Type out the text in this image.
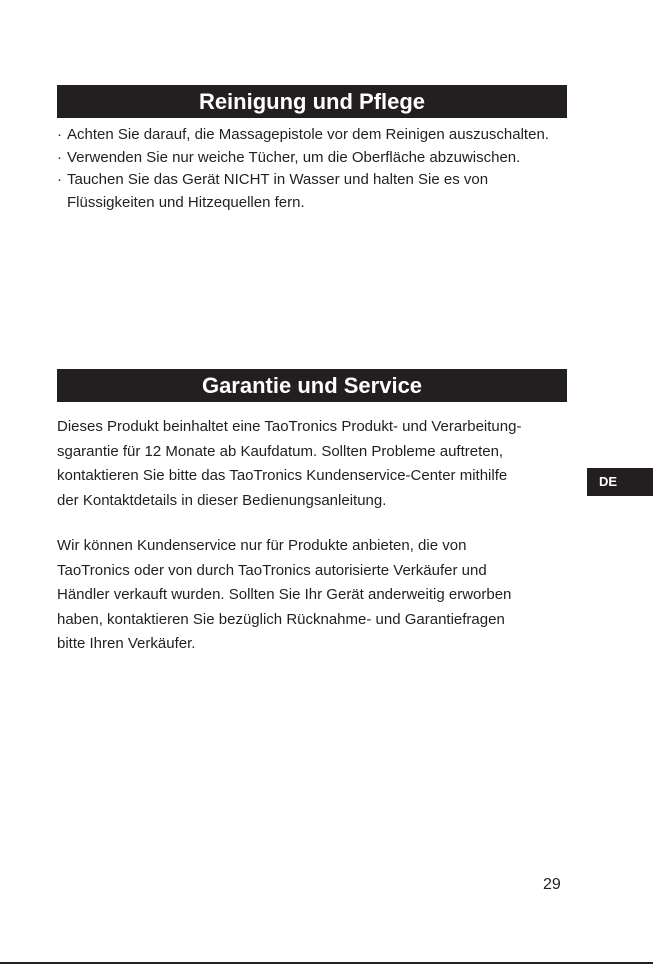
Reinigung und Pflege
· Achten Sie darauf, die Massagepistole vor dem Reinigen auszuschalten.
· Verwenden Sie nur weiche Tücher, um die Oberfläche abzuwischen.
· Tauchen Sie das Gerät NICHT in Wasser und halten Sie es von
Flüssigkeiten und Hitzequellen fern.
Garantie und Service

Dieses Produkt beinhaltet eine TaoTronics Produkt- und Verarbeitung-
sgarantie für 12 Monate ab Kaufdatum. Sollten Probleme auftreten,
kontaktieren Sie bitte das TaoTronics Kundenservice-Center mithilfe
der Kontaktdetails in dieser Bedienungsanleitung.

Wir können Kundenservice nur für Produkte anbieten, die von
TaoTronics oder von durch TaoTronics autorisierte Verkäufer und
Händler verkauft wurden. Sollten Sie Ihr Gerät anderweitig erworben
haben, kontaktieren Sie bezüglich Rücknahme- und Garantiefragen
bitte Ihren Verkäufer.

DE
29
